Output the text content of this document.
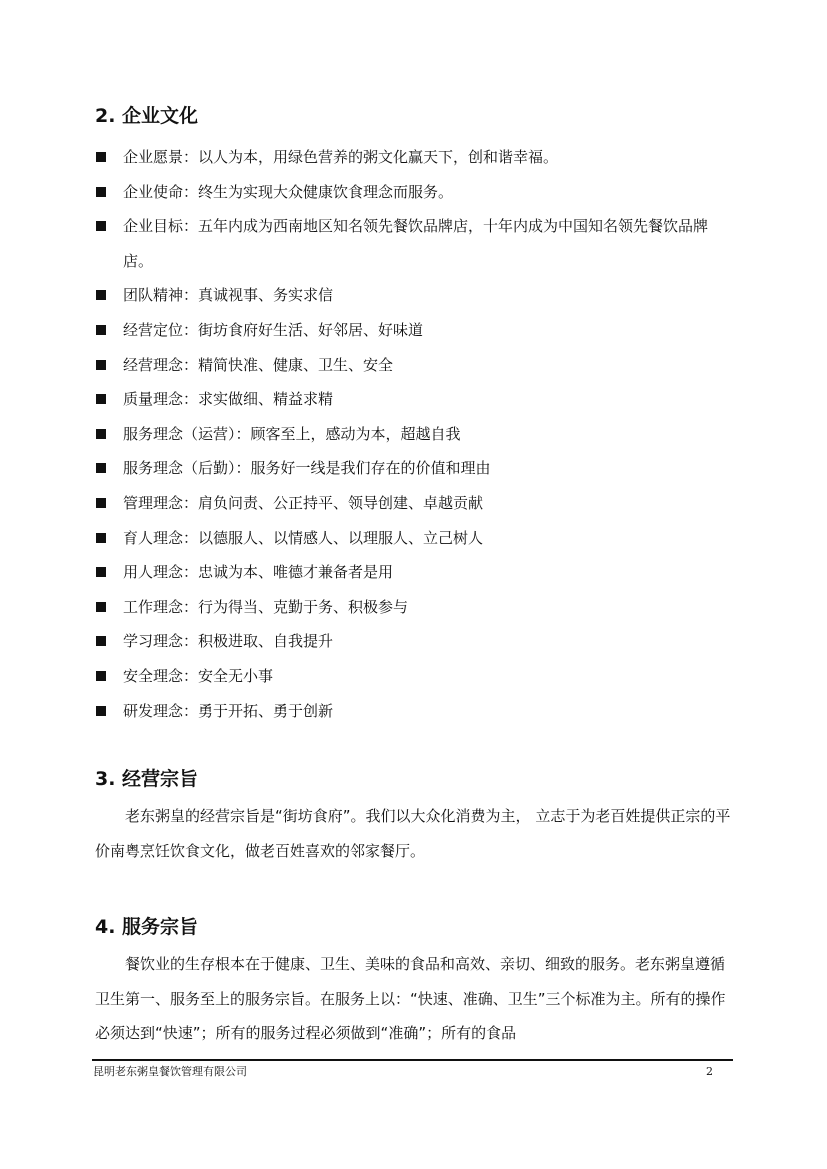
2. 企业文化
企业愿景：以人为本，用绿色营养的粥文化赢天下，创和谐幸福。
企业使命：终生为实现大众健康饮食理念而服务。
企业目标：五年内成为西南地区知名领先餐饮品牌店，十年内成为中国知名领先餐饮品牌店。
团队精神：真诚视事、务实求信
经营定位：街坊食府好生活、好邻居、好味道
经营理念：精简快准、健康、卫生、安全
质量理念：求实做细、精益求精
服务理念（运营）：顾客至上，感动为本，超越自我
服务理念（后勤）：服务好一线是我们存在的价值和理由
管理理念：肩负问责、公正持平、领导创建、卓越贡献
育人理念：以德服人、以情感人、以理服人、立己树人
用人理念：忠诚为本、唯德才兼备者是用
工作理念：行为得当、克勤于务、积极参与
学习理念：积极进取、自我提升
安全理念：安全无小事
研发理念：勇于开拓、勇于创新
3. 经营宗旨

老东粥皇的经营宗旨是“街坊食府”。我们以大众化消费为主， 立志于为老百姓提供正宗的平价南粤烹饪饮食文化，做老百姓喜欢的邻家餐厅。

4. 服务宗旨

餐饮业的生存根本在于健康、卫生、美味的食品和高效、亲切、细致的服务。老东粥皇遵循卫生第一、服务至上的服务宗旨。在服务上以：“快速、准确、卫生”三个标准为主。所有的操作必须达到“快速”；所有的服务过程必须做到“准确”；所有的食品

昆明老东粥皇餐饮管理有限公司	2
